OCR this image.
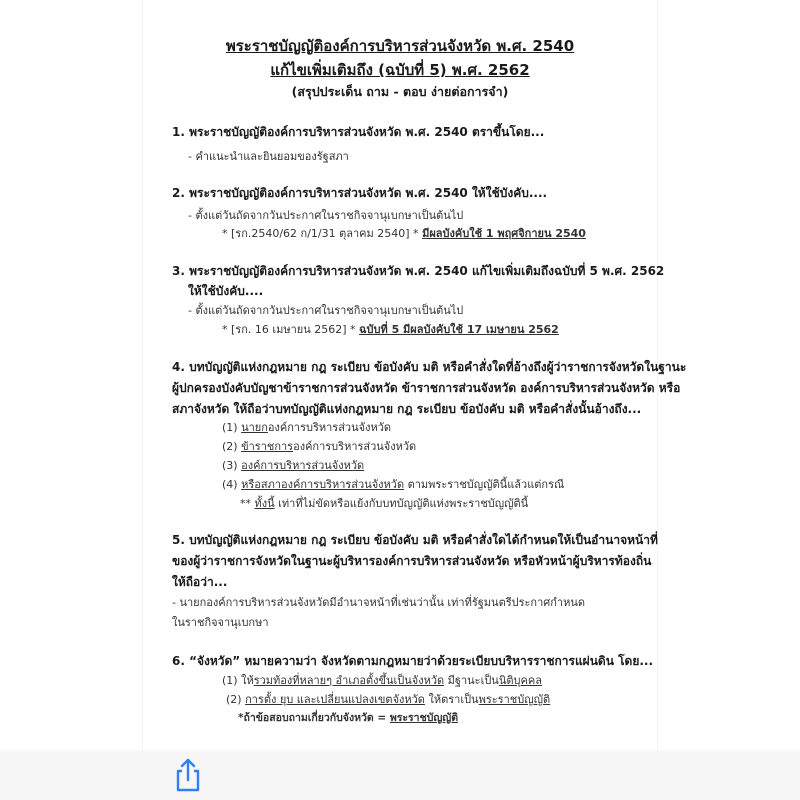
พระราชบัญญัติองค์การบริหารส่วนจังหวัด พ.ศ. 2540
แก้ไขเพิ่มเติมถึง (ฉบับที่ 5) พ.ศ. 2562
(สรุปประเด็น ถาม - ตอบ ง่ายต่อการจำ)
1. พระราชบัญญัติองค์การบริหารส่วนจังหวัด พ.ศ. 2540 ตราขึ้นโดย...
- คำแนะนำและยินยอมของรัฐสภา
2. พระราชบัญญัติองค์การบริหารส่วนจังหวัด พ.ศ. 2540 ให้ใช้บังคับ....
- ตั้งแต่วันถัดจากวันประกาศในราชกิจจานุเบกษาเป็นต้นไป
* [รก.2540/62 ก/1/31 ตุลาคม 2540] * มีผลบังคับใช้ 1 พฤศจิกายน 2540
3. พระราชบัญญัติองค์การบริหารส่วนจังหวัด พ.ศ. 2540 แก้ไขเพิ่มเติมถึงฉบับที่ 5 พ.ศ. 2562
ให้ใช้บังคับ....
- ตั้งแต่วันถัดจากวันประกาศในราชกิจจานุเบกษาเป็นต้นไป
* [รก. 16 เมษายน 2562] * ฉบับที่ 5 มีผลบังคับใช้ 17 เมษายน 2562
4. บทบัญญัติแห่งกฎหมาย กฎ ระเบียบ ข้อบังคับ มติ หรือคำสั่งใดที่อ้างถึงผู้ว่าราชการจังหวัดในฐานะ
ผู้ปกครองบังคับบัญชาข้าราชการส่วนจังหวัด ข้าราชการส่วนจังหวัด องค์การบริหารส่วนจังหวัด หรือ
สภาจังหวัด ให้ถือว่าบทบัญญัติแห่งกฎหมาย กฎ ระเบียบ ข้อบังคับ มติ หรือคำสั่งนั้นอ้างถึง...
(1) นายกองค์การบริหารส่วนจังหวัด
(2) ข้าราชการองค์การบริหารส่วนจังหวัด
(3) องค์การบริหารส่วนจังหวัด
(4) หรือสภาองค์การบริหารส่วนจังหวัด ตามพระราชบัญญัตินี้แล้วแต่กรณี
** ทั้งนี้ เท่าที่ไม่ขัดหรือแย้งกับบทบัญญัติแห่งพระราชบัญญัตินี้
5. บทบัญญัติแห่งกฎหมาย กฎ ระเบียบ ข้อบังคับ มติ หรือคำสั่งใดได้กำหนดให้เป็นอำนาจหน้าที่
ของผู้ว่าราชการจังหวัดในฐานะผู้บริหารองค์การบริหารส่วนจังหวัด หรือหัวหน้าผู้บริหารท้องถิ่น
ให้ถือว่า...
- นายกองค์การบริหารส่วนจังหวัดมีอำนาจหน้าที่เช่นว่านั้น เท่าที่รัฐมนตรีประกาศกำหนด
ในราชกิจจานุเบกษา
6. “จังหวัด” หมายความว่า จังหวัดตามกฎหมายว่าด้วยระเบียบบริหารราชการแผ่นดิน โดย...
(1) ให้รวมท้องที่หลายๆ อำเภอตั้งขึ้นเป็นจังหวัด มีฐานะเป็นนิติบุคคล
(2) การตั้ง ยุบ และเปลี่ยนแปลงเขตจังหวัด ให้ตราเป็นพระราชบัญญัติ
*ถ้าข้อสอบถามเกี่ยวกับจังหวัด = พระราชบัญญัติ
